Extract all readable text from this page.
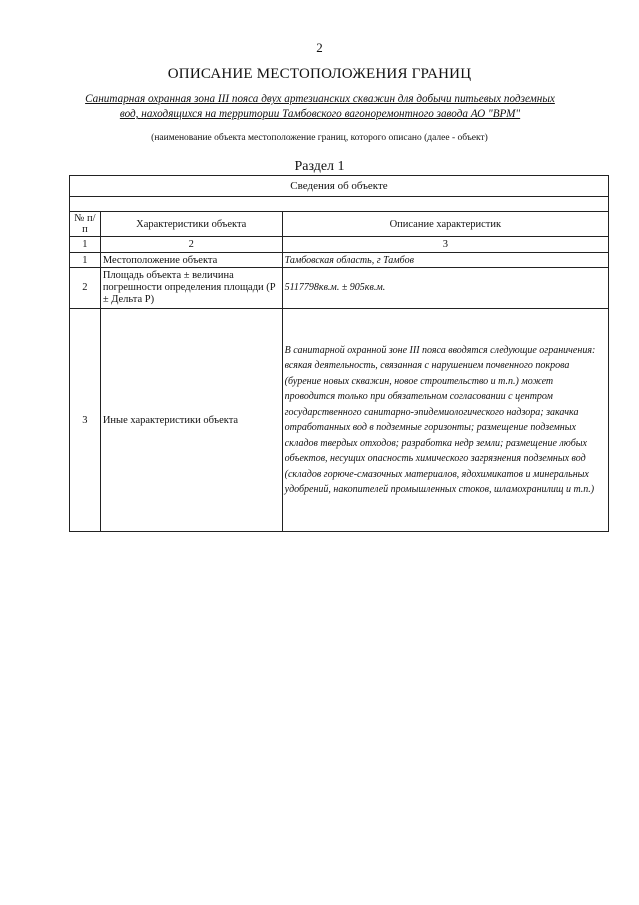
2
ОПИСАНИЕ МЕСТОПОЛОЖЕНИЯ ГРАНИЦ
Санитарная охранная зона III пояса двух артезианских скважин для добычи питьевых подземных вод, находящихся на территории Тамбовского вагоноремонтного завода АО "ВРМ"
(наименование объекта местоположение границ, которого описано (далее - объект)
Раздел 1
Сведения об объекте		

№ п/п	Характеристики объекта	Описание характеристик
1	2	3
1	Местоположение объекта	Тамбовская область, г Тамбов
2	Площадь объекта ± величина погрешности определения площади (P ± Дельта P)	5117798кв.м. ± 905кв.м.
3	Иные характеристики объекта	В санитарной охранной зоне III пояса вводятся следующие ограничения: всякая деятельность, связанная с нарушением почвенного покрова (бурение новых скважин, новое строительство и т.п.) может проводится только при обязательном согласовании с центром государственного санитарно-эпидемиологического надзора; закачка отработанных вод в подземные горизонты; размещение подземных складов твердых отходов; разработка недр земли; размещение любых объектов, несущих опасность химического загрязнения подземных вод (складов горюче-смазочных материалов, ядохимикатов и минеральных удобрений, накопителей промышленных стоков, шламохранилищ и т.п.)
